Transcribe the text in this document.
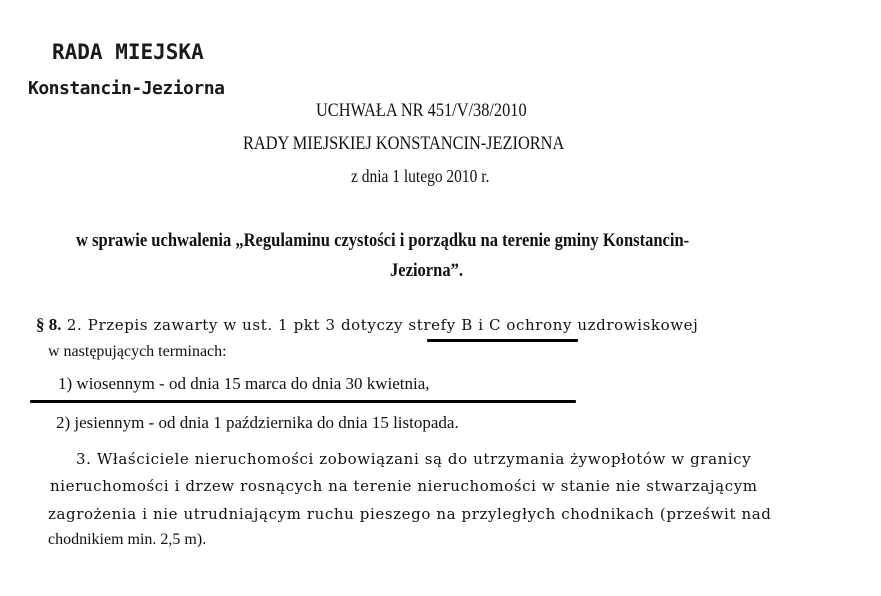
RADA MIEJSKA
Konstancin-Jeziorna
UCHWAŁA NR 451/V/38/2010
RADY MIEJSKIEJ KONSTANCIN-JEZIORNA
z dnia 1 lutego 2010 r.
w sprawie uchwalenia „Regulaminu czystości i porządku na terenie gminy Konstancin-
Jeziorna”.
§ 8. 2. Przepis zawarty w ust. 1 pkt 3 dotyczy strefy B i C ochrony uzdrowiskowej
w następujących terminach:
1) wiosennym - od dnia 15 marca do dnia 30 kwietnia,
2) jesiennym - od dnia 1 października do dnia 15 listopada.
3. Właściciele nieruchomości zobowiązani są do utrzymania żywopłotów w granicy
nieruchomości i drzew rosnących na terenie nieruchomości w stanie nie stwarzającym
zagrożenia i nie utrudniającym ruchu pieszego na przyległych chodnikach (prześwit nad
chodnikiem min. 2,5 m).
